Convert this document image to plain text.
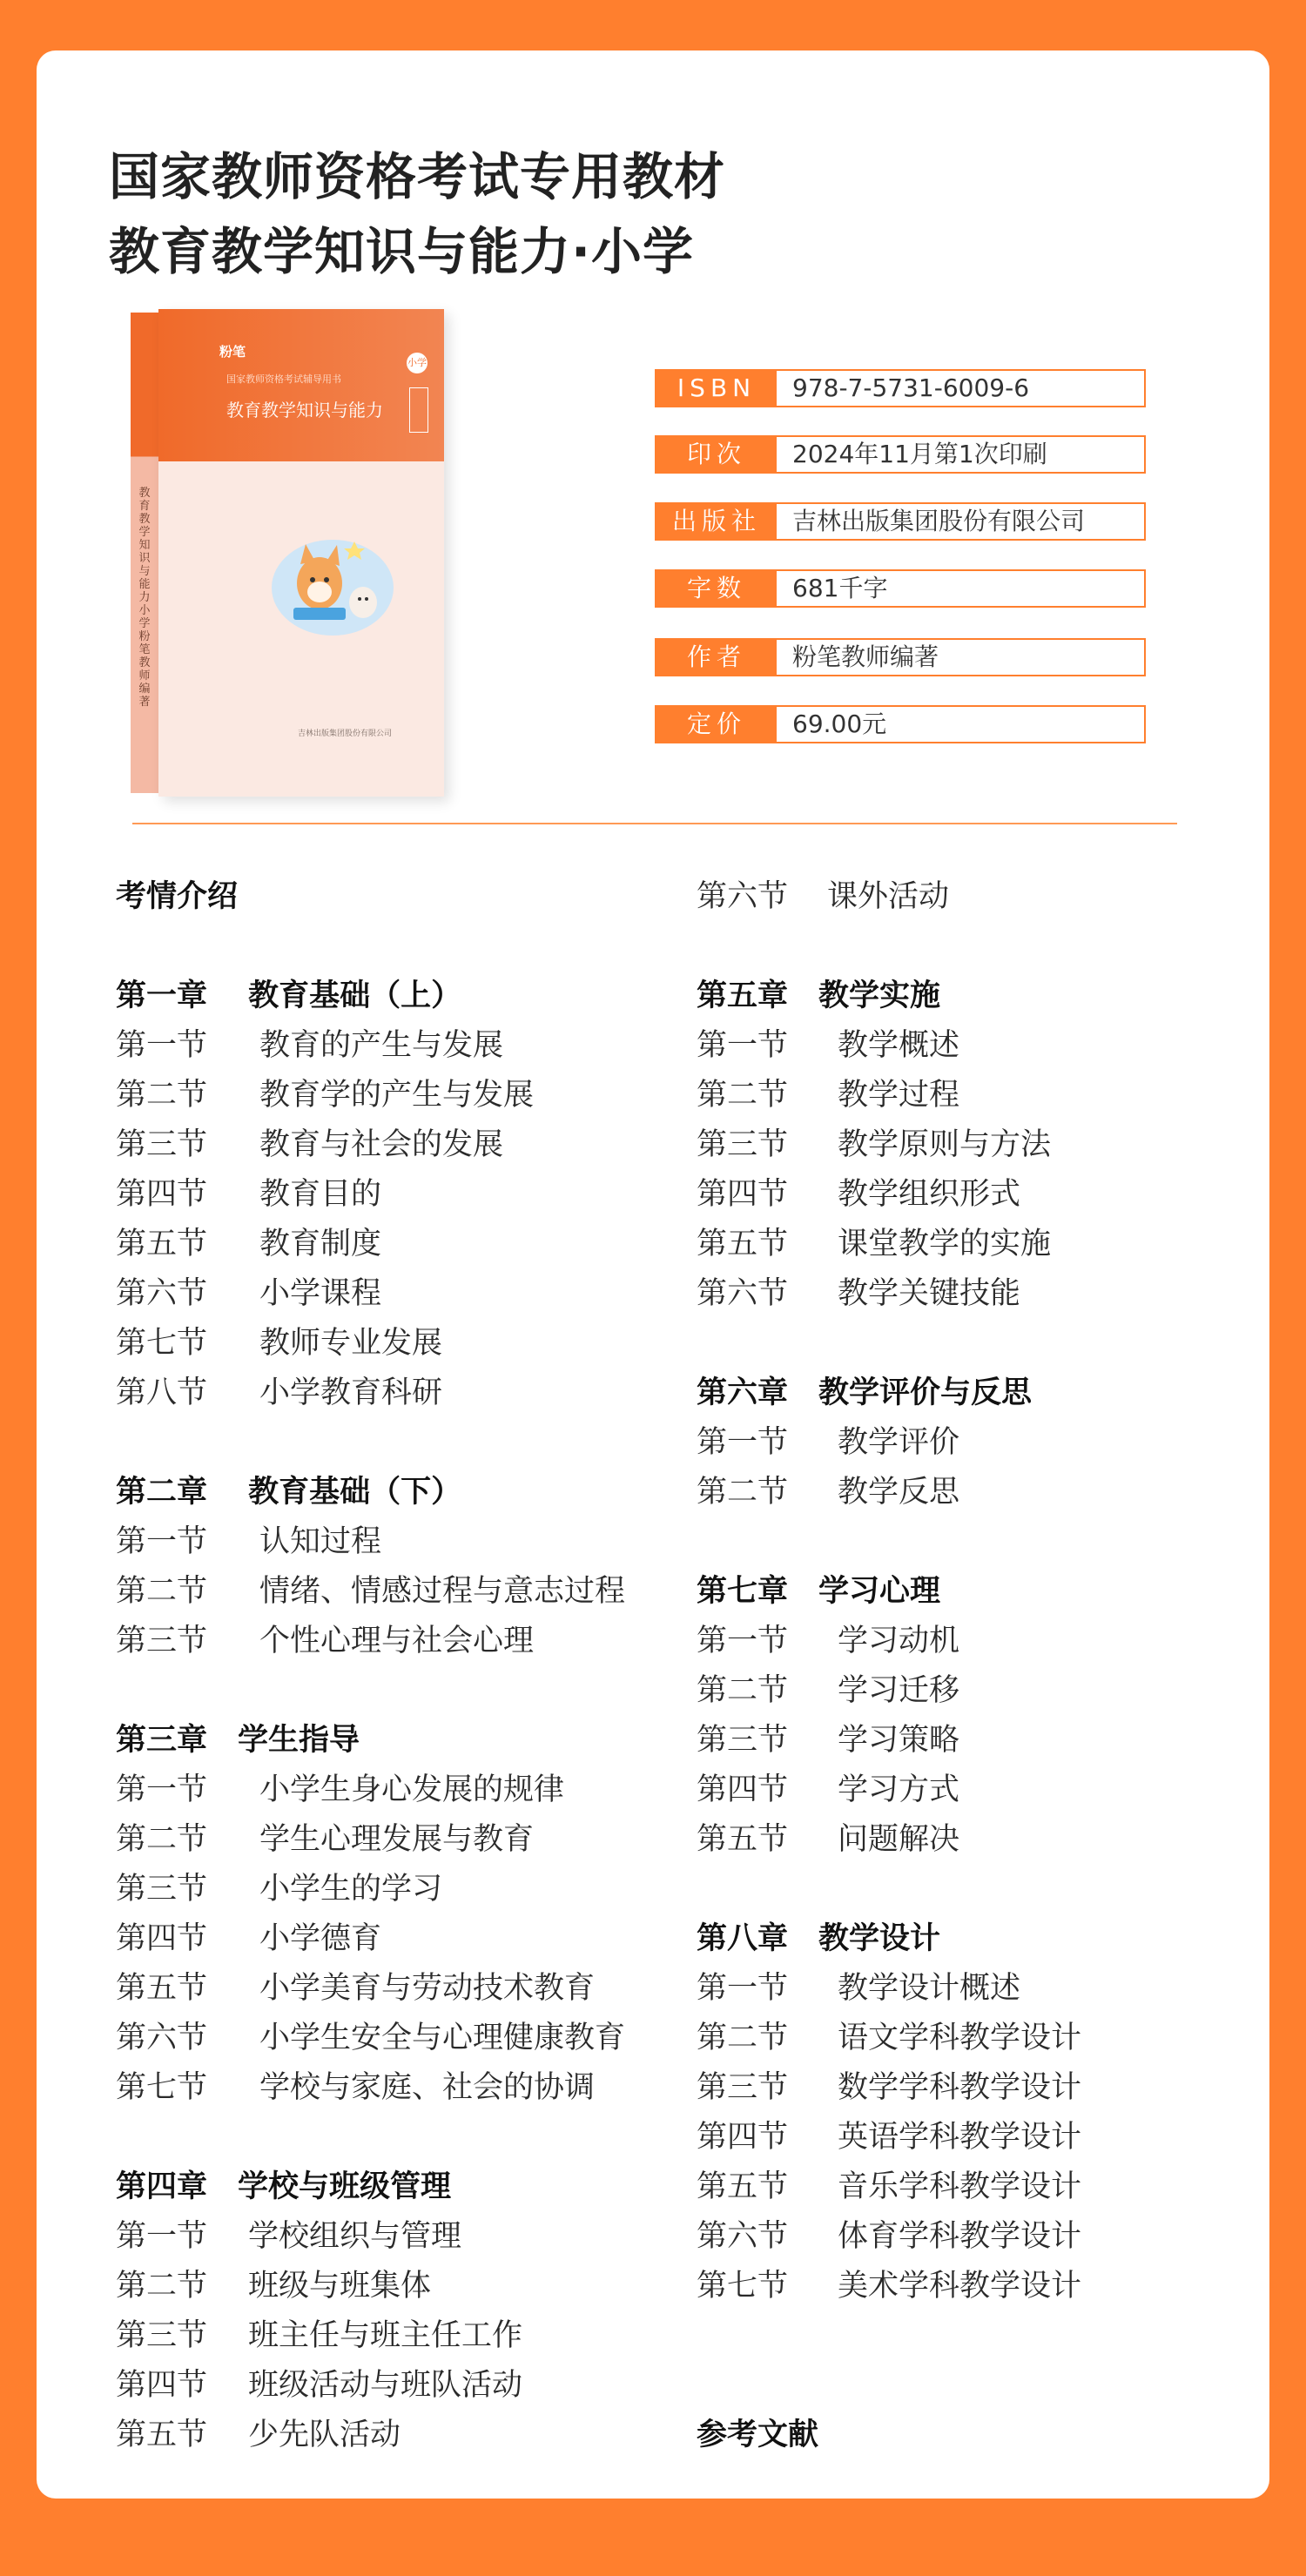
国家教师资格考试专用教材
教育教学知识与能力·小学
教育教学知识与能力 小学 粉笔教师编著
粉笔
国家教师资格考试辅导用书
教育教学知识与能力
小学
吉林出版集团股份有限公司
ISBN	978-7-5731-6009-6
印次	2024年11月第1次印刷
出版社	吉林出版集团股份有限公司
字数	681千字
作者	粉笔教师编著
定价	69.00元
考情介绍
第一章　 教育基础（上）
第一节 教育的产生与发展
第二节 教育学的产生与发展
第三节 教育与社会的发展
第四节 教育目的
第五节 教育制度
第六节 小学课程
第七节 教师专业发展
第八节 小学教育科研
第二章　 教育基础（下）
第一节 认知过程
第二节 情绪、情感过程与意志过程
第三节 个性心理与社会心理
第三章　学生指导
第一节 小学生身心发展的规律
第二节 学生心理发展与教育
第三节 小学生的学习
第四节 小学德育
第五节 小学美育与劳动技术教育
第六节 小学生安全与心理健康教育
第七节 学校与家庭、社会的协调
第四章　学校与班级管理
第一节 学校组织与管理
第二节 班级与班集体
第三节 班主任与班主任工作
第四节 班级活动与班队活动
第五节 少先队活动
第六节 课外活动
第五章　教学实施
第一节 教学概述
第二节 教学过程
第三节 教学原则与方法
第四节 教学组织形式
第五节 课堂教学的实施
第六节 教学关键技能
第六章　教学评价与反思
第一节 教学评价
第二节 教学反思
第七章　学习心理
第一节 学习动机
第二节 学习迁移
第三节 学习策略
第四节 学习方式
第五节 问题解决
第八章　教学设计
第一节 教学设计概述
第二节 语文学科教学设计
第三节 数学学科教学设计
第四节 英语学科教学设计
第五节 音乐学科教学设计
第六节 体育学科教学设计
第七节 美术学科教学设计
参考文献
